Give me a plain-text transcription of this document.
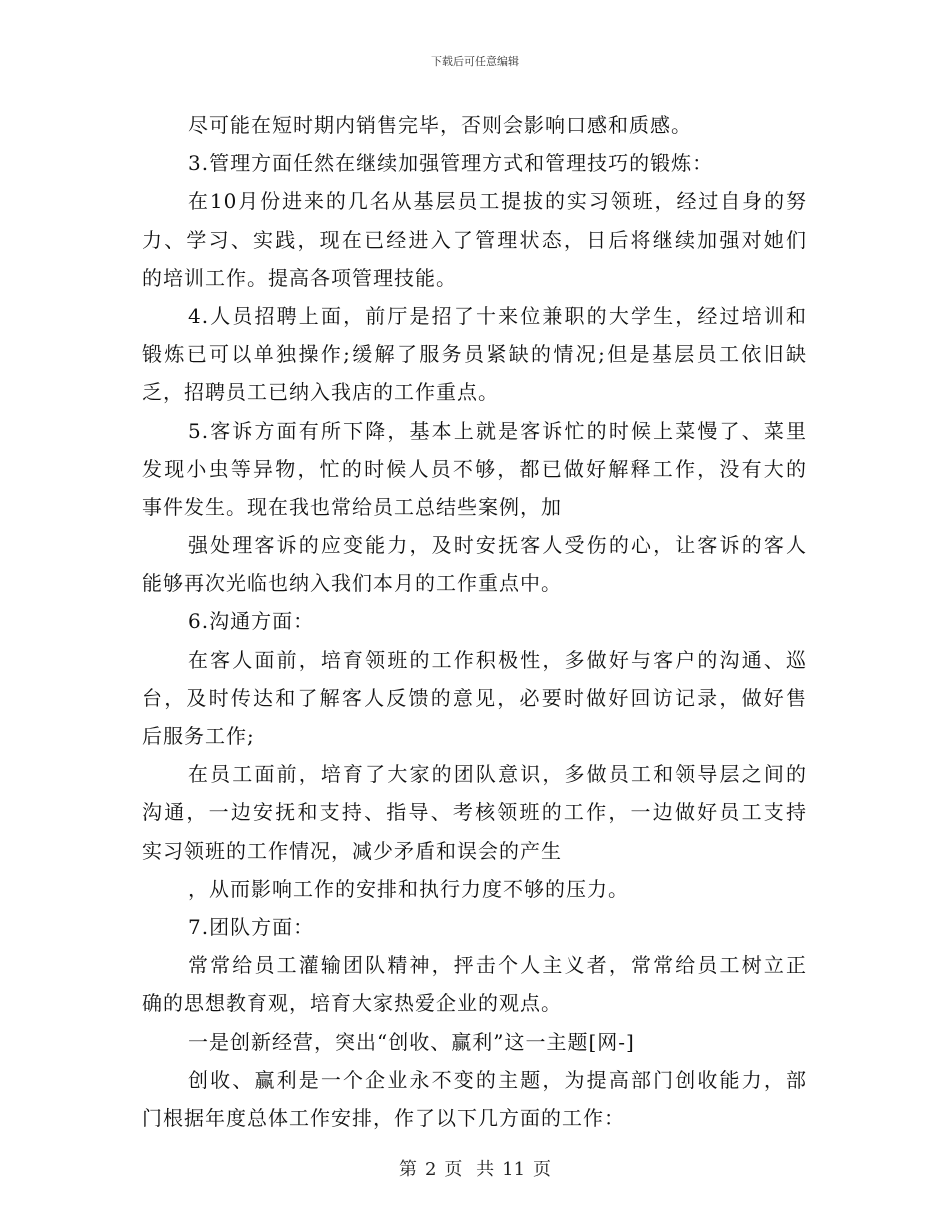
下载后可任意编辑
尽可能在短时期内销售完毕，否则会影响口感和质感。
3.管理方面任然在继续加强管理方式和管理技巧的锻炼：
在10月份进来的几名从基层员工提拔的实习领班，经过自身的努
力、学习、实践，现在已经进入了管理状态，日后将继续加强对她们
的培训工作。提高各项管理技能。
4.人员招聘上面，前厅是招了十来位兼职的大学生，经过培训和
锻炼已可以单独操作;缓解了服务员紧缺的情况;但是基层员工依旧缺
乏，招聘员工已纳入我店的工作重点。
5.客诉方面有所下降，基本上就是客诉忙的时候上菜慢了、菜里
发现小虫等异物，忙的时候人员不够，都已做好解释工作，没有大的
事件发生。现在我也常给员工总结些案例，加
强处理客诉的应变能力，及时安抚客人受伤的心，让客诉的客人
能够再次光临也纳入我们本月的工作重点中。
6.沟通方面：
在客人面前，培育领班的工作积极性，多做好与客户的沟通、巡
台，及时传达和了解客人反馈的意见，必要时做好回访记录，做好售
后服务工作;
在员工面前，培育了大家的团队意识，多做员工和领导层之间的
沟通，一边安抚和支持、指导、考核领班的工作，一边做好员工支持
实习领班的工作情况，减少矛盾和误会的产生
，从而影响工作的安排和执行力度不够的压力。
7.团队方面：
常常给员工灌输团队精神，抨击个人主义者，常常给员工树立正
确的思想教育观，培育大家热爱企业的观点。
一是创新经营，突出“创收、赢利”这一主题[网-]
创收、赢利是一个企业永不变的主题，为提高部门创收能力，部
门根据年度总体工作安排，作了以下几方面的工作：
第 2 页 共 11 页
